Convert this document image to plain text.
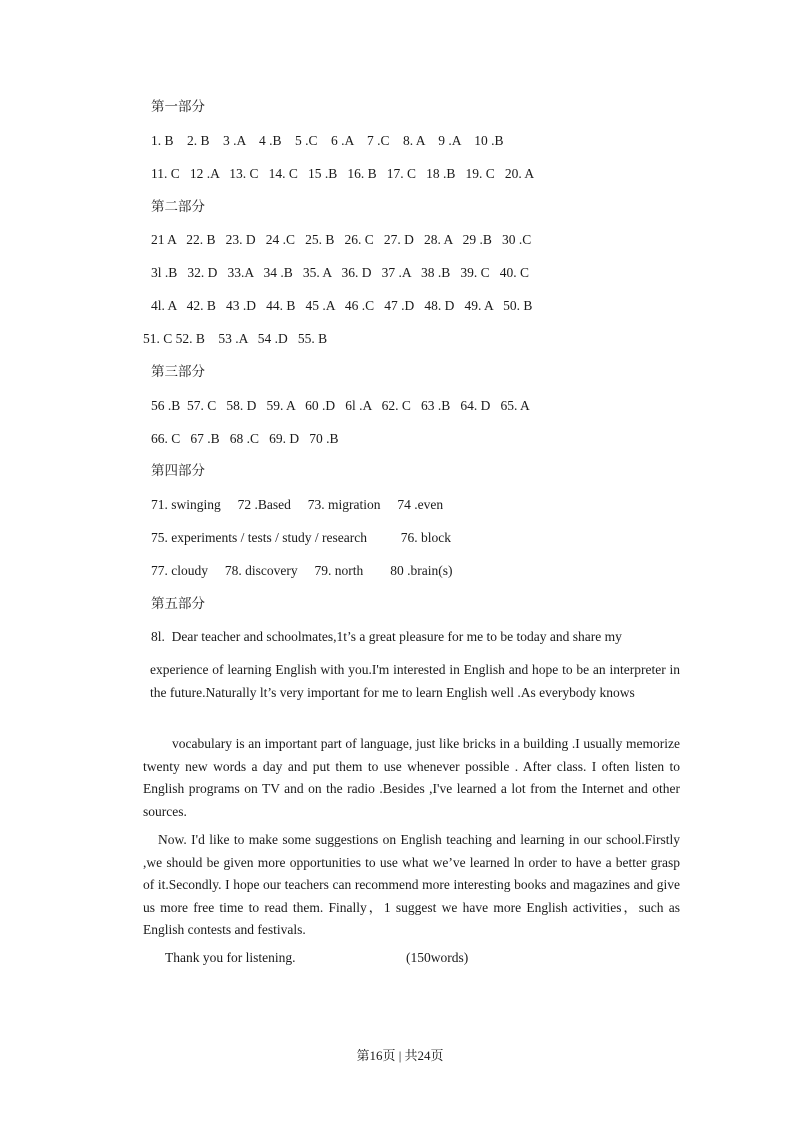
第一部分
1. B    2. B    3 .A    4 .B    5 .C    6 .A    7 .C    8. A    9 .A    10 .B
11. C   12 .A   13. C   14. C   15 .B   16. B   17. C   18 .B   19. C   20. A
第二部分
21 A   22. B   23. D   24 .C   25. B   26. C   27. D   28. A   29 .B   30 .C
3l .B   32. D   33.A   34 .B   35. A   36. D   37 .A   38 .B   39. C   40. C
4l. A   42. B   43 .D   44. B   45 .A   46 .C   47 .D   48. D   49. A   50. B
51. C 52. B    53 .A   54 .D   55. B
第三部分
56 .B  57. C   58. D   59. A   60 .D   6l .A   62. C   63 .B   64. D   65. A
66. C   67 .B   68 .C   69. D   70 .B
第四部分
71. swinging     72 .Based     73. migration     74 .even
75. experiments / tests / study / research          76. block
77. cloudy     78. discovery     79. north        80 .brain(s)
第五部分
8l.  Dear teacher and schoolmates,1t’s a great pleasure for me to be today and share my
experience of learning English with you.I'm interested in English and hope to be an interpreter in the future.Naturally lt’s very important for me to learn English well .As everybody knows
vocabulary is an important part of language, just like bricks in a building .I usually memorize twenty new words a day and put them to use whenever possible . After class. I often listen to English programs on TV and on the radio .Besides ,I've learned a lot from the Internet and other sources.
Now. I'd like to make some suggestions on English teaching and learning in our school.Firstly ,we should be given more opportunities to use what we’ve learned ln order to have a better grasp of it.Secondly. I hope our teachers can recommend more interesting books and magazines and give us more free time to read them. Finally，1 suggest we have more English activities，such as English contests and festivals.
Thank you for listening.	(150words)
第16页 | 共24页
